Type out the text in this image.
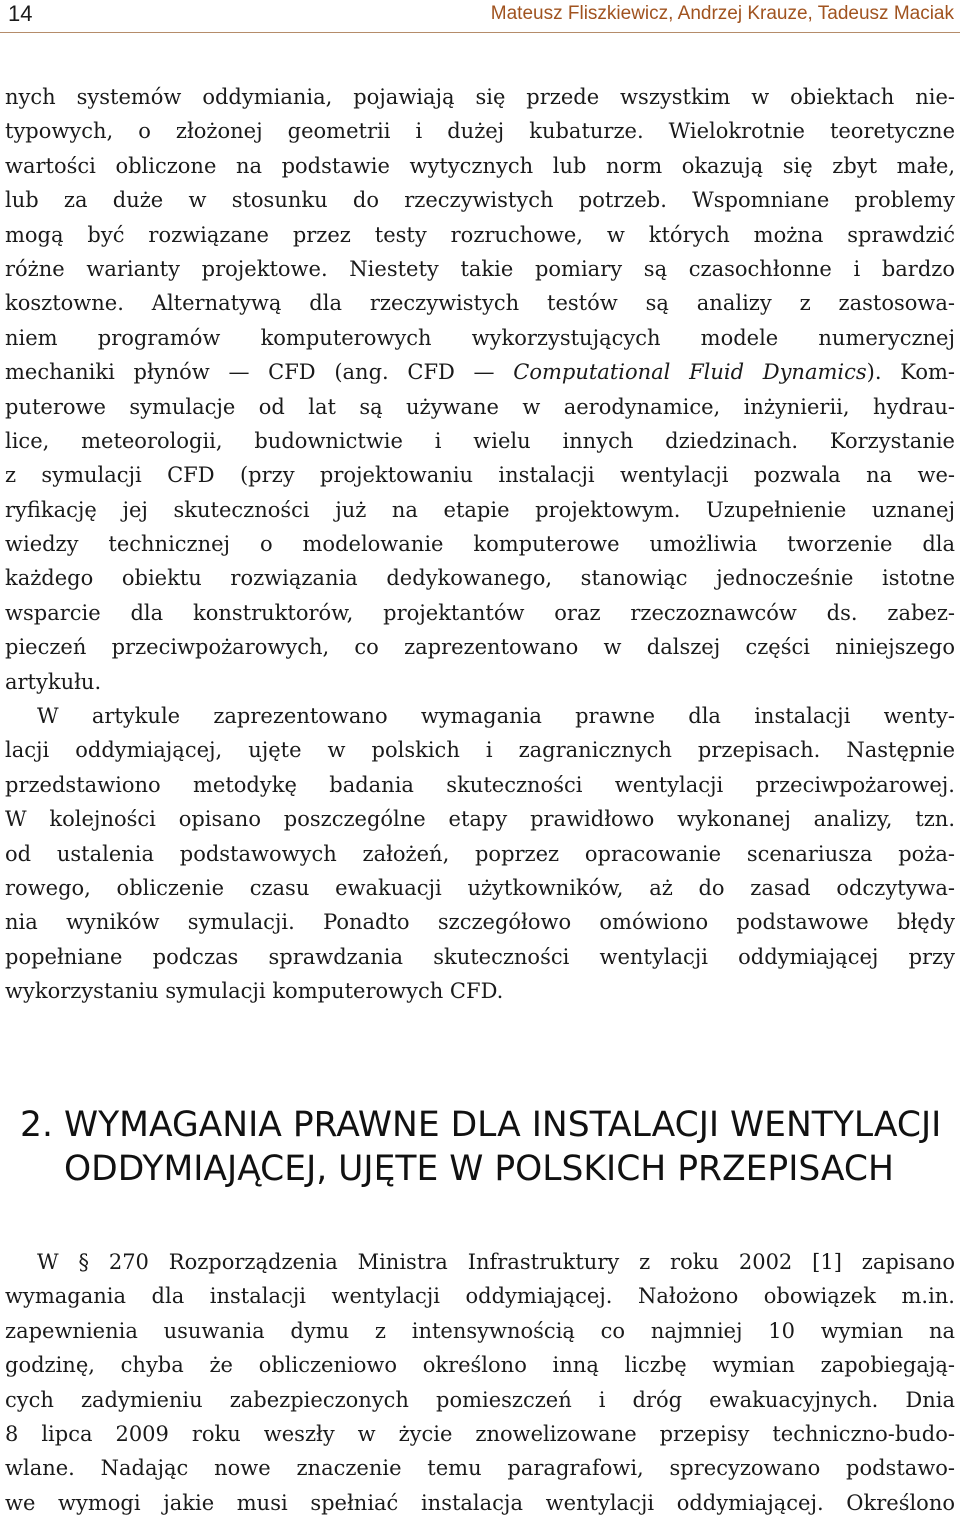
14	Mateusz Fliszkiewicz, Andrzej Krauze, Tadeusz Maciak
nych systemów oddymiania, pojawiają się przede wszystkim w obiektach nie-
typowych, o złożonej geometrii i dużej kubaturze. Wielokrotnie teoretyczne
wartości obliczone na podstawie wytycznych lub norm okazują się zbyt małe,
lub za duże w stosunku do rzeczywistych potrzeb. Wspomniane problemy
mogą być rozwiązane przez testy rozruchowe, w których można sprawdzić
różne warianty projektowe. Niestety takie pomiary są czasochłonne i bardzo
kosztowne. Alternatywą dla rzeczywistych testów są analizy z zastosowa-
niem programów komputerowych wykorzystujących modele numerycznej
mechaniki płynów — CFD (ang. CFD — Computational Fluid Dynamics). Kom-
puterowe symulacje od lat są używane w aerodynamice, inżynierii, hydrau-
lice, meteorologii, budownictwie i wielu innych dziedzinach. Korzystanie
z symulacji CFD (przy projektowaniu instalacji wentylacji pozwala na we-
ryfikację jej skuteczności już na etapie projektowym. Uzupełnienie uznanej
wiedzy technicznej o modelowanie komputerowe umożliwia tworzenie dla
każdego obiektu rozwiązania dedykowanego, stanowiąc jednocześnie istotne
wsparcie dla konstruktorów, projektantów oraz rzeczoznawców ds. zabez-
pieczeń przeciwpożarowych, co zaprezentowano w dalszej części niniejszego
artykułu.
W artykule zaprezentowano wymagania prawne dla instalacji wenty-
lacji oddymiającej, ujęte w polskich i zagranicznych przepisach. Następnie
przedstawiono metodykę badania skuteczności wentylacji przeciwpożarowej.
W kolejności opisano poszczególne etapy prawidłowo wykonanej analizy, tzn.
od ustalenia podstawowych założeń, poprzez opracowanie scenariusza poża-
rowego, obliczenie czasu ewakuacji użytkowników, aż do zasad odczytywa-
nia wyników symulacji. Ponadto szczegółowo omówiono podstawowe błędy
popełniane podczas sprawdzania skuteczności wentylacji oddymiającej przy
wykorzystaniu symulacji komputerowych CFD.
2. WYMAGANIA PRAWNE DLA INSTALACJI WENTYLACJI
ODDYMIAJĄCEJ, UJĘTE W POLSKICH PRZEPISACH
W § 270 Rozporządzenia Ministra Infrastruktury z roku 2002 [1] zapisano
wymagania dla instalacji wentylacji oddymiającej. Nałożono obowiązek m.in.
zapewnienia usuwania dymu z intensywnością co najmniej 10 wymian na
godzinę, chyba że obliczeniowo określono inną liczbę wymian zapobiegają-
cych zadymieniu zabezpieczonych pomieszczeń i dróg ewakuacyjnych. Dnia
8 lipca 2009 roku weszły w życie znowelizowane przepisy techniczno-budo-
wlane. Nadając nowe znaczenie temu paragrafowi, sprecyzowano podstawo-
we wymogi jakie musi spełniać instalacja wentylacji oddymiającej. Określono
